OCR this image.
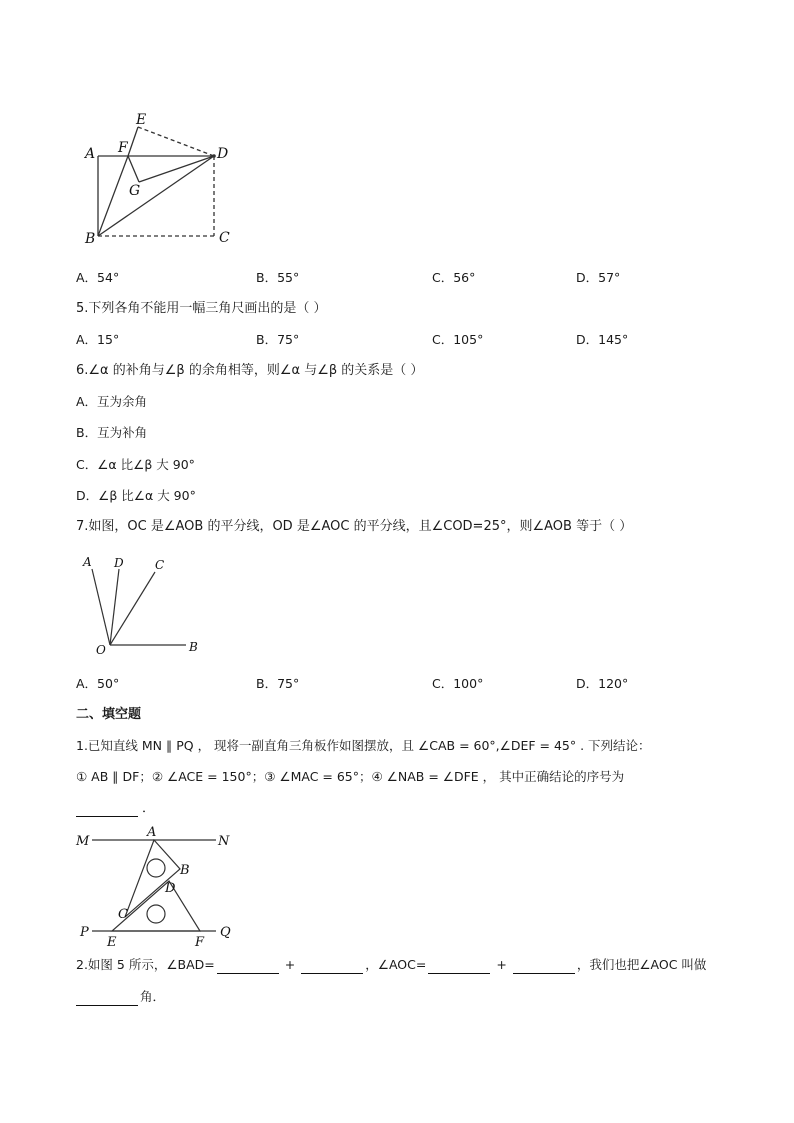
E
A F	D
G
B	C
A．54°	B．55°	C．56°	D．57°
5.下列各角不能用一幅三角尺画出的是（ ）
A．15°	B．75°	C．105°	D．145°
6.∠α 的补角与∠β 的余角相等，则∠α 与∠β 的关系是（ ）
A．互为余角
B．互为补角
C．∠α 比∠β 大 90°
D．∠β 比∠α 大 90°
7.如图，OC 是∠AOB 的平分线，OD 是∠AOC 的平分线，且∠COD=25°，则∠AOB 等于（ ）
A D	C
O	B
A．50°	B．75°	C．100°	D．120°
二、填空题
1.已知直线 MN ∥ PQ ， 现将一副直角三角板作如图摆放，且 ∠CAB = 60°,∠DEF = 45° . 下列结论：
① AB ∥ DF；② ∠ACE = 150°；③ ∠MAC = 65°；④ ∠NAB = ∠DFE ， 其中正确结论的序号为
．
M
A
N
B
D
C
P	Q
E	F
2.如图 5 所示，∠BAD=	+	，∠AOC=	+	，我们也把∠AOC 叫做
角．
